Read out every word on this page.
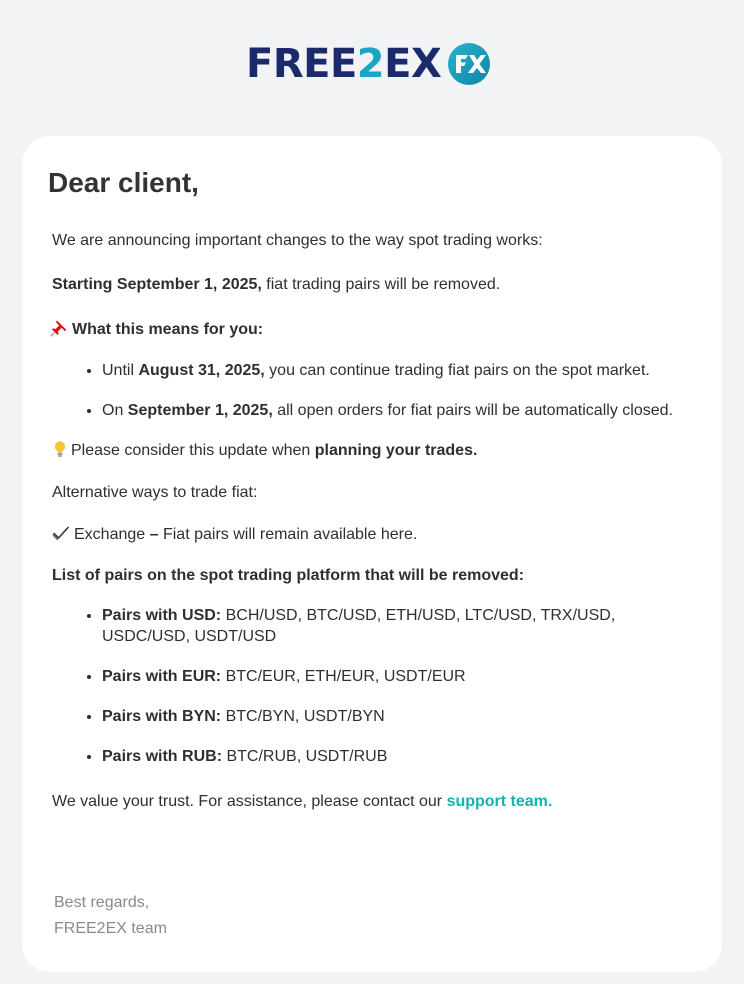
FREE2EX
Dear client,

We are announcing important changes to the way spot trading works:

Starting September 1, 2025, fiat trading pairs will be removed.

What this means for you:

• Until August 31, 2025, you can continue trading fiat pairs on the spot market.
• On September 1, 2025, all open orders for fiat pairs will be automatically closed.

Please consider this update when planning your trades.

Alternative ways to trade fiat:

Exchange – Fiat pairs will remain available here.

List of pairs on the spot trading platform that will be removed:

• Pairs with USD: BCH/USD, BTC/USD, ETH/USD, LTC/USD, TRX/USD, USDC/USD, USDT/USD
• Pairs with EUR: BTC/EUR, ETH/EUR, USDT/EUR
• Pairs with BYN: BTC/BYN, USDT/BYN
• Pairs with RUB: BTC/RUB, USDT/RUB

We value your trust. For assistance, please contact our support team.

Best regards,
FREE2EX team
